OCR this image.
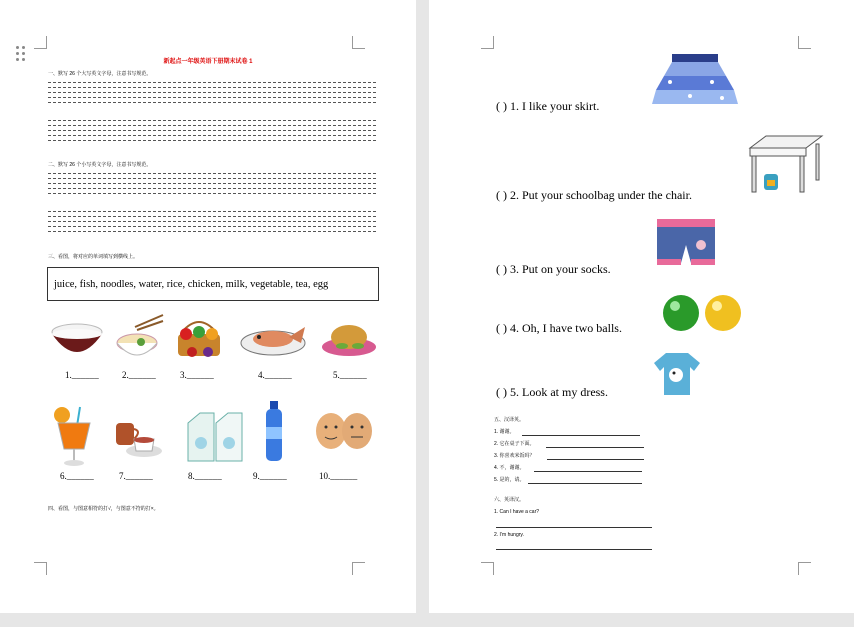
新起点一年级英语下册期末试卷 1
一、默写 26 个大写英文字母，注意书写规范。
二、默写 26 个小写英文字母，注意书写规范。
三、看图，将对应的单词填写到横线上。
juice, fish, noodles, water, rice, chicken, milk, vegetable, tea, egg
1.______	2.______	3.______	4.______	5.______
6.______	7.______	8.______	9.______	10.______
四、看图，与图意相符的打√，与图意不符的打×。
( ) 1. I like your skirt.
( ) 2. Put your schoolbag under the chair.
( ) 3. Put on your socks.
( ) 4. Oh, I have two balls.
( ) 5. Look at my dress.
五、汉译英。
1. 谢谢。
2. 它在桌子下面。
3. 你喜欢米饭吗？
4. 不，谢谢。
5. 是的，请。
六、英译汉。
1. Can I have a car?
2. I’m hungry.
